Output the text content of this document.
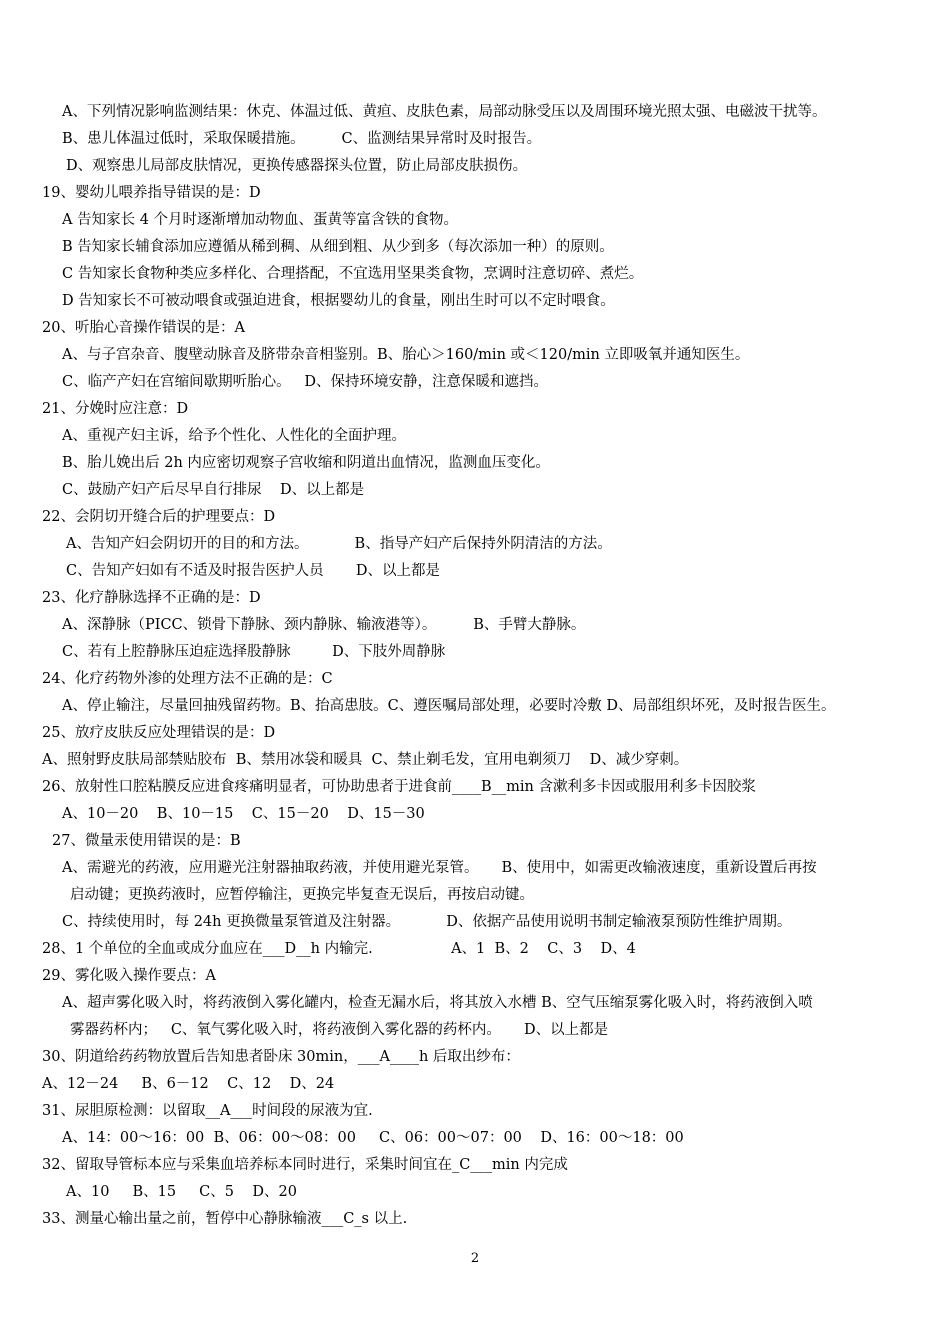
A、下列情况影响监测结果：休克、体温过低、黄疸、皮肤色素，局部动脉受压以及周围环境光照太强、电磁波干扰等。
B、患儿体温过低时，采取保暖措施。        C、监测结果异常时及时报告。
D、观察患儿局部皮肤情况，更换传感器探头位置，防止局部皮肤损伤。
19、婴幼儿喂养指导错误的是：D
A 告知家长 4 个月时逐渐增加动物血、蛋黄等富含铁的食物。
B 告知家长辅食添加应遵循从稀到稠、从细到粗、从少到多（每次添加一种）的原则。
C 告知家长食物种类应多样化、合理搭配，不宜选用坚果类食物，烹调时注意切碎、煮烂。
D 告知家长不可被动喂食或强迫进食，根据婴幼儿的食量，刚出生时可以不定时喂食。
20、听胎心音操作错误的是：A
A、与子宫杂音、腹壁动脉音及脐带杂音相鉴别。B、胎心＞160/min 或＜120/min 立即吸氧并通知医生。
C、临产产妇在宫缩间歇期听胎心。   D、保持环境安静，注意保暖和遮挡。
21、分娩时应注意：D
A、重视产妇主诉，给予个性化、人性化的全面护理。
B、胎儿娩出后 2h 内应密切观察子宫收缩和阴道出血情况，监测血压变化。
C、鼓励产妇产后尽早自行排尿    D、以上都是
22、会阴切开缝合后的护理要点：D
A、告知产妇会阴切开的目的和方法。          B、指导产妇产后保持外阴清洁的方法。
C、告知产妇如有不适及时报告医护人员       D、以上都是
23、化疗静脉选择不正确的是：D
A、深静脉（PICC、锁骨下静脉、颈内静脉、输液港等）。        B、手臂大静脉。
C、若有上腔静脉压迫症选择股静脉         D、下肢外周静脉
24、化疗药物外渗的处理方法不正确的是：C
A、停止输注，尽量回抽残留药物。B、抬高患肢。C、遵医嘱局部处理，必要时冷敷 D、局部组织坏死，及时报告医生。
25、放疗皮肤反应处理错误的是：D
A、照射野皮肤局部禁贴胶布  B、禁用冰袋和暖具  C、禁止剃毛发，宜用电剃须刀    D、减少穿刺。
26、放射性口腔粘膜反应进食疼痛明显者，可协助患者于进食前____B__min 含漱利多卡因或服用利多卡因胶浆
A、10－20    B、10－15    C、15－20    D、15－30
27、微量汞使用错误的是：B
A、需避光的药液，应用避光注射器抽取药液，并使用避光泵管。     B、使用中，如需更改输液速度，重新设置后再按
启动键；更换药液时，应暂停输注，更换完毕复查无误后，再按启动键。
C、持续使用时，每 24h 更换微量泵管道及注射器。          D、依据产品使用说明书制定输液泵预防性维护周期。
28、1 个单位的全血或成分血应在___D__h 内输完.                 A、1  B、2    C、3    D、4
29、雾化吸入操作要点：A
A、超声雾化吸入时，将药液倒入雾化罐内，检查无漏水后，将其放入水槽 B、空气压缩泵雾化吸入时，将药液倒入喷
雾器药杯内；   C、氧气雾化吸入时，将药液倒入雾化器的药杯内。     D、以上都是
30、阴道给药药物放置后告知患者卧床 30min，___A____h 后取出纱布：
A、12－24     B、6－12    C、12    D、24
31、尿胆原检测：以留取__A___时间段的尿液为宜.
A、14：00～16：00  B、06：00～08：00     C、06：00～07：00    D、16：00～18：00
32、留取导管标本应与采集血培养标本同时进行，采集时间宜在_C___min 内完成
A、10     B、15     C、5    D、20
33、测量心输出量之前，暂停中心静脉输液___C_s 以上.
2
